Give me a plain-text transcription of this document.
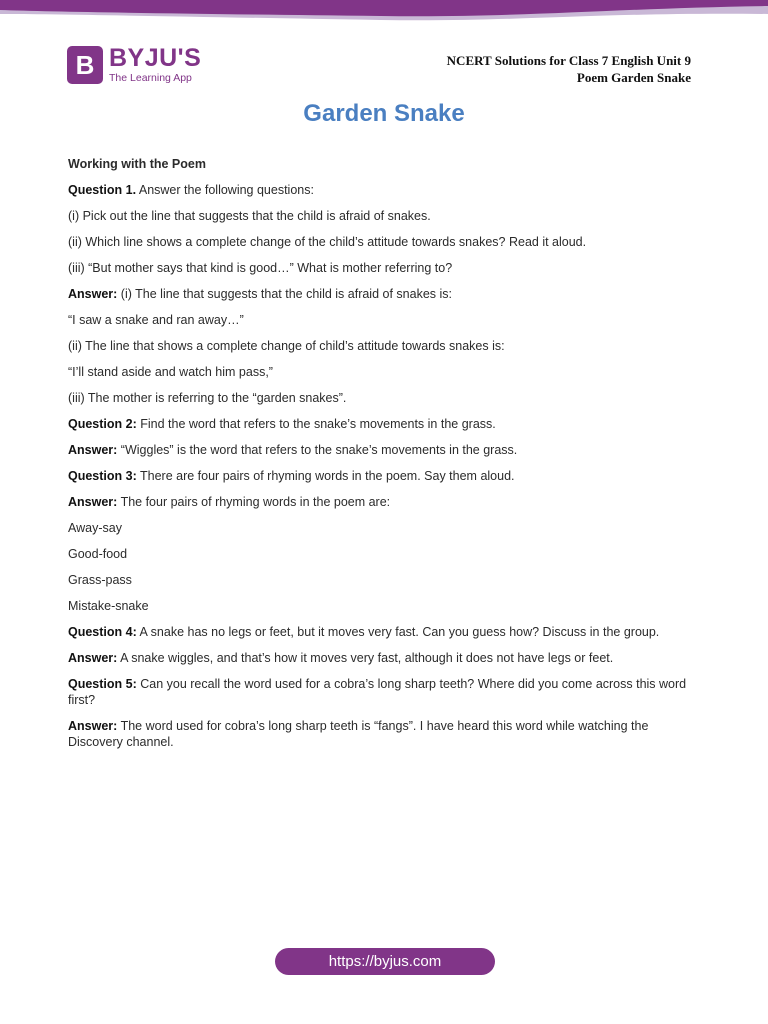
B BYJU'S
The Learning App
NCERT Solutions for Class 7 English Unit 9
Poem Garden Snake
Garden Snake

Working with the Poem

Question 1. Answer the following questions:

(i) Pick out the line that suggests that the child is afraid of snakes.

(ii) Which line shows a complete change of the child’s attitude towards snakes? Read it aloud.

(iii) “But mother says that kind is good…” What is mother referring to?

Answer: (i) The line that suggests that the child is afraid of snakes is:

“I saw a snake and ran away…”

(ii) The line that shows a complete change of child’s attitude towards snakes is:

“I’ll stand aside and watch him pass,”

(iii) The mother is referring to the “garden snakes”.

Question 2: Find the word that refers to the snake’s movements in the grass.

Answer: “Wiggles” is the word that refers to the snake’s movements in the grass.

Question 3: There are four pairs of rhyming words in the poem. Say them aloud.

Answer: The four pairs of rhyming words in the poem are:

Away-say

Good-food

Grass-pass

Mistake-snake

Question 4: A snake has no legs or feet, but it moves very fast. Can you guess how? Discuss in the group.

Answer: A snake wiggles, and that’s how it moves very fast, although it does not have legs or feet.

Question 5: Can you recall the word used for a cobra’s long sharp teeth? Where did you come across this word first?

Answer: The word used for cobra’s long sharp teeth is “fangs”. I have heard this word while watching the Discovery channel.

https://byjus.com
